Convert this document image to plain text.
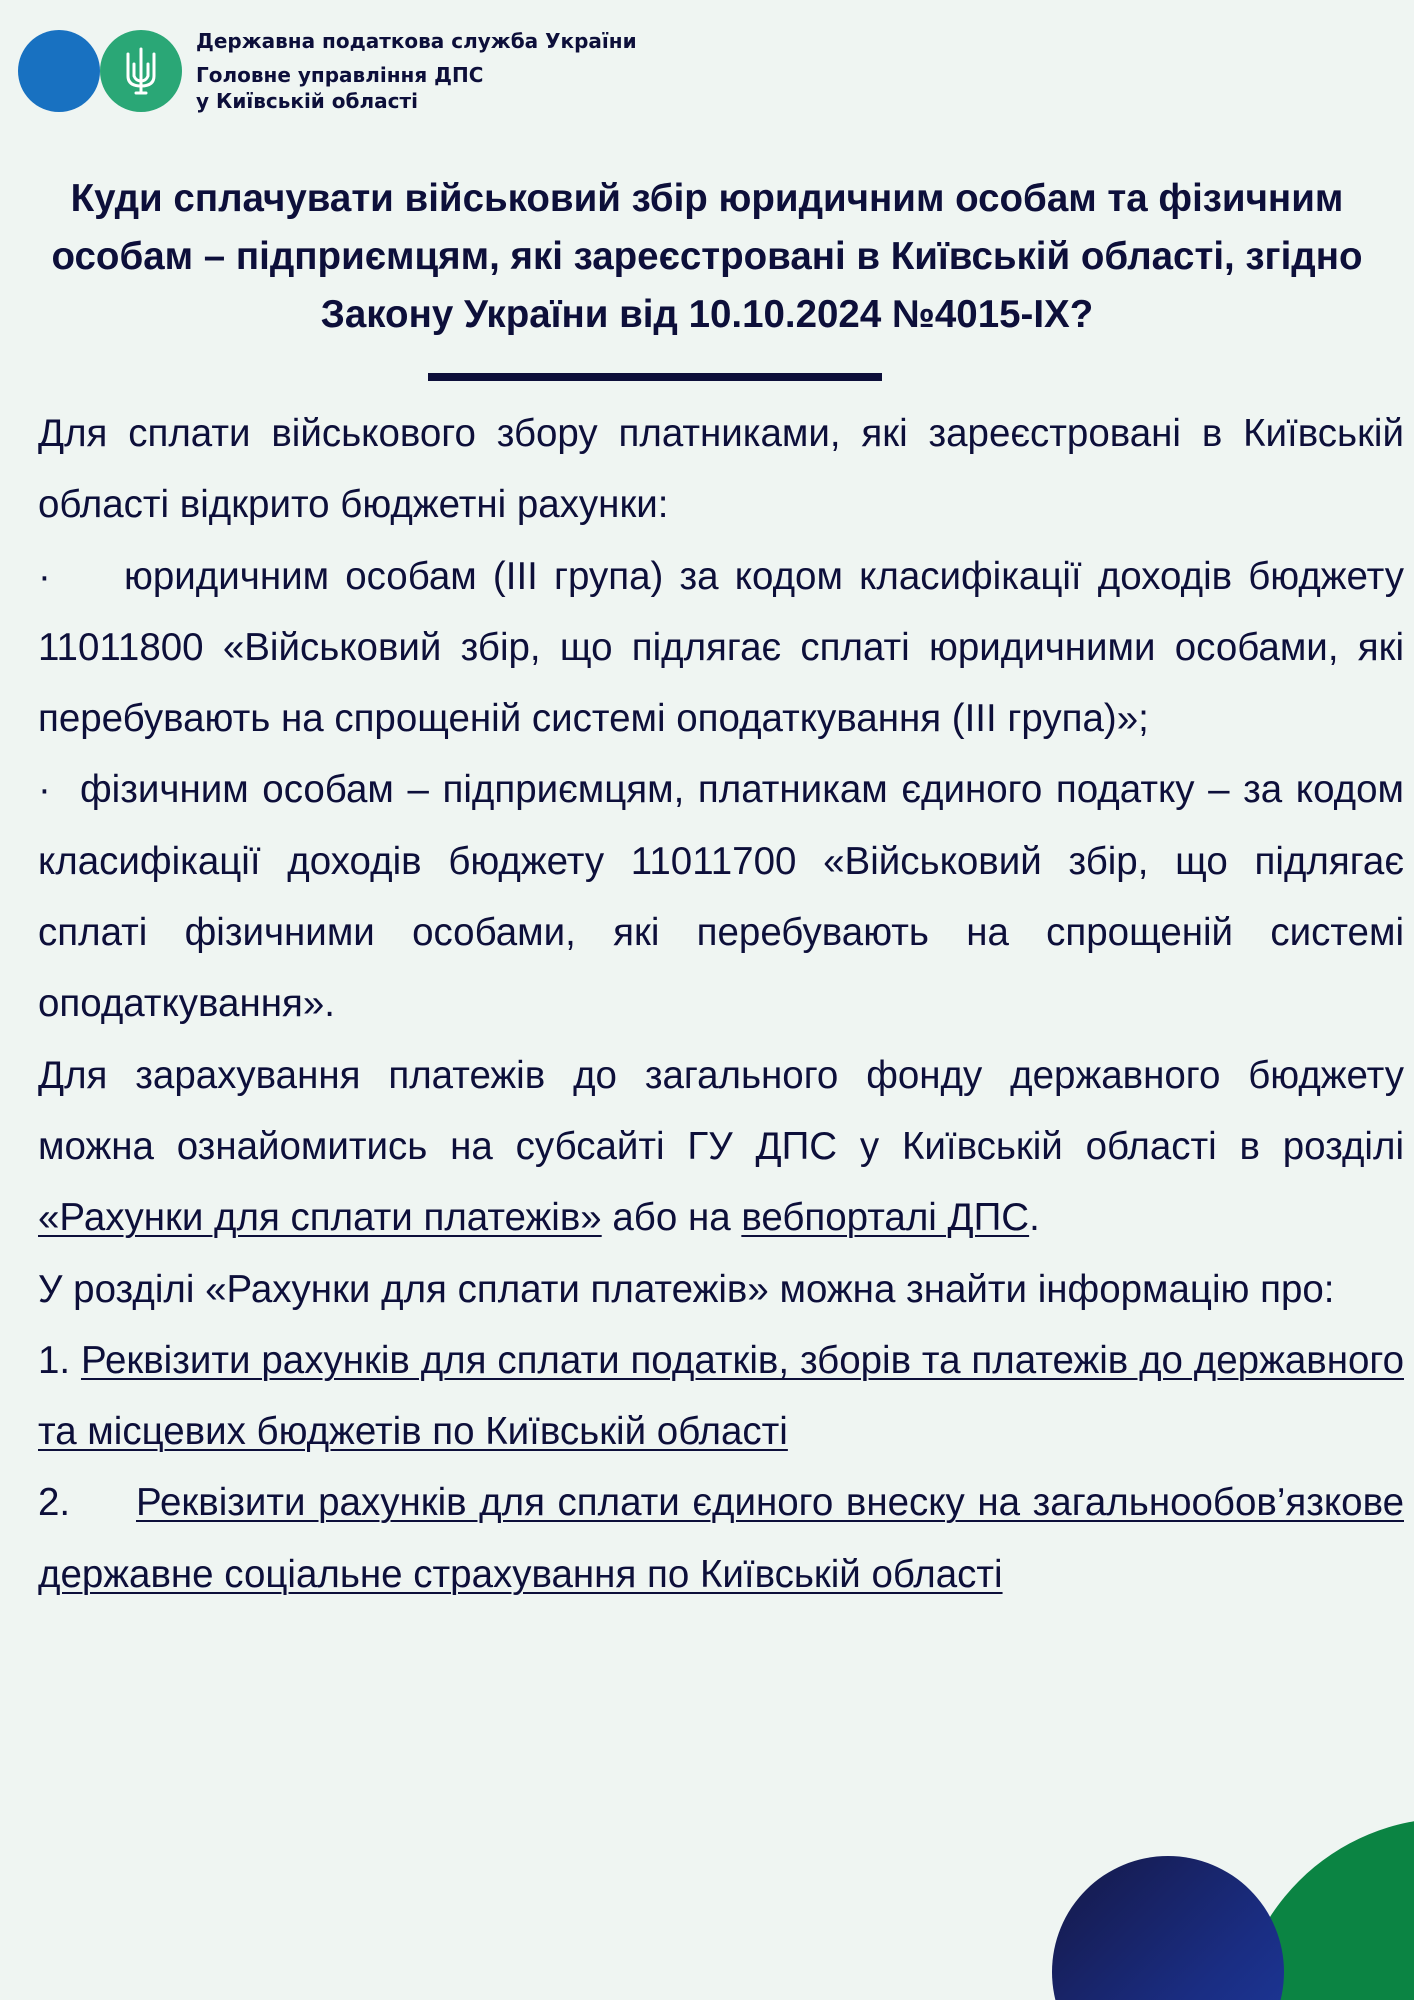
Державна податкова служба України
Головне управління ДПС
у Київській області
Куди сплачувати військовий збір юридичним особам та фізичним особам – підприємцям, які зареєстровані в Київській області, згідно Закону України від 10.10.2024 №4015-IX?

Для сплати військового збору платниками, які зареєстровані в Київській області відкрито бюджетні рахунки:

· юридичним особам (III група) за кодом класифікації доходів бюджету 11011800 «Військовий збір, що підлягає сплаті юридичними особами, які перебувають на спрощеній системі оподаткування (III група)»;

· фізичним особам – підприємцям, платникам єдиного податку – за кодом класифікації доходів бюджету 11011700 «Військовий збір, що підлягає сплаті фізичними особами, які перебувають на спрощеній системі оподаткування».

Для зарахування платежів до загального фонду державного бюджету можна ознайомитись на субсайті ГУ ДПС у Київській області в розділі «Рахунки для сплати платежів» або на вебпорталі ДПС.

У розділі «Рахунки для сплати платежів» можна знайти інформацію про:

1. Реквізити рахунків для сплати податків, зборів та платежів до державного та місцевих бюджетів по Київській області

2. Реквізити рахунків для сплати єдиного внеску на загальнообов’язкове державне соціальне страхування по Київській області
